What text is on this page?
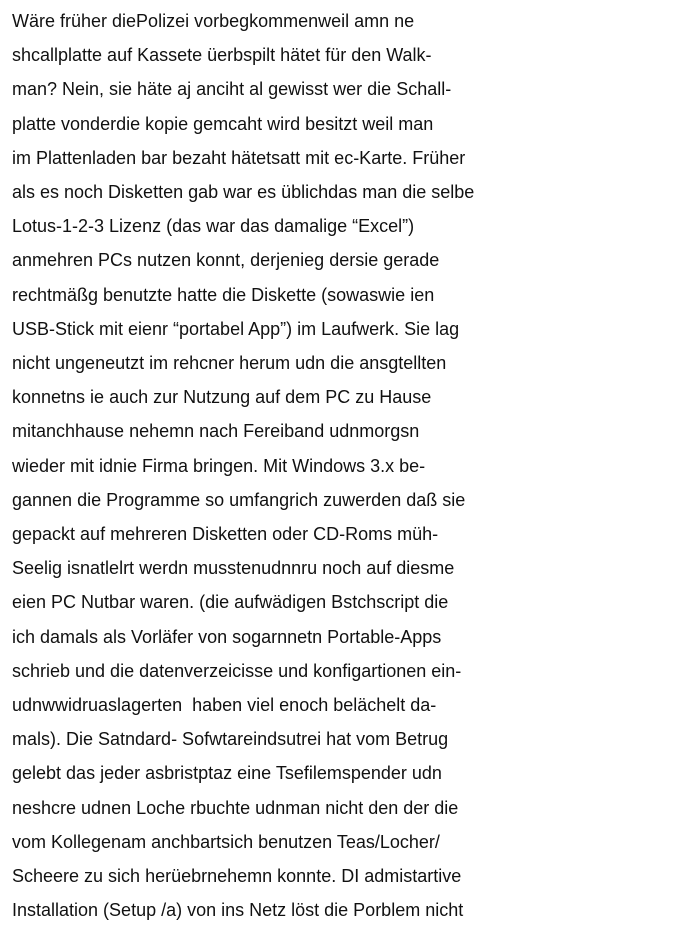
Wäre früher diePolizei vorbegkommenweil amn ne
shcallplatte auf Kassete üerbspilt hätet für den Walk-
man? Nein, sie häte aj anciht al gewisst wer die Schall-
platte vonderdie kopie gemcaht wird besitzt weil man
im Plattenladen bar bezaht hätetsatt mit ec-Karte. Früher
als es noch Disketten gab war es üblichdas man die selbe
Lotus-1-2-3 Lizenz (das war das damalige “Excel”)
anmehren PCs nutzen konnt, derjenieg dersie gerade
rechtmäßg benutzte hatte die Diskette (sowaswie ien
USB-Stick mit eienr “portabel App”) im Laufwerk. Sie lag
nicht ungeneutzt im rehcner herum udn die ansgtellten
konnetns ie auch zur Nutzung auf dem PC zu Hause
mitanchhause nehemn nach Fereiband udnmorgsn
wieder mit idnie Firma bringen. Mit Windows 3.x be-
gannen die Programme so umfangrich zuwerden daß sie
gepackt auf mehreren Disketten oder CD-Roms müh-
Seelig isnatlelrt werdn musstenudnnru noch auf diesme
eien PC Nutbar waren. (die aufwädigen Bstchscript die
ich damals als Vorläfer von sogarnnetn Portable-Apps
schrieb und die datenverzeicisse und konfigartionen ein-
udnwwidruaslagerten  haben viel enoch belächelt da-
mals). Die Satndard- Sofwtareindsutrei hat vom Betrug
gelebt das jeder asbristptaz eine Tsefilemspender udn
neshcre udnen Loche rbuchte udnman nicht den der die
vom Kollegenam anchbartsich benutzen Teas/Locher/
Scheere zu sich herüebrnehemn konnte. DI admistartive
Installation (Setup /a) von ins Netz löst die Porblem nicht
